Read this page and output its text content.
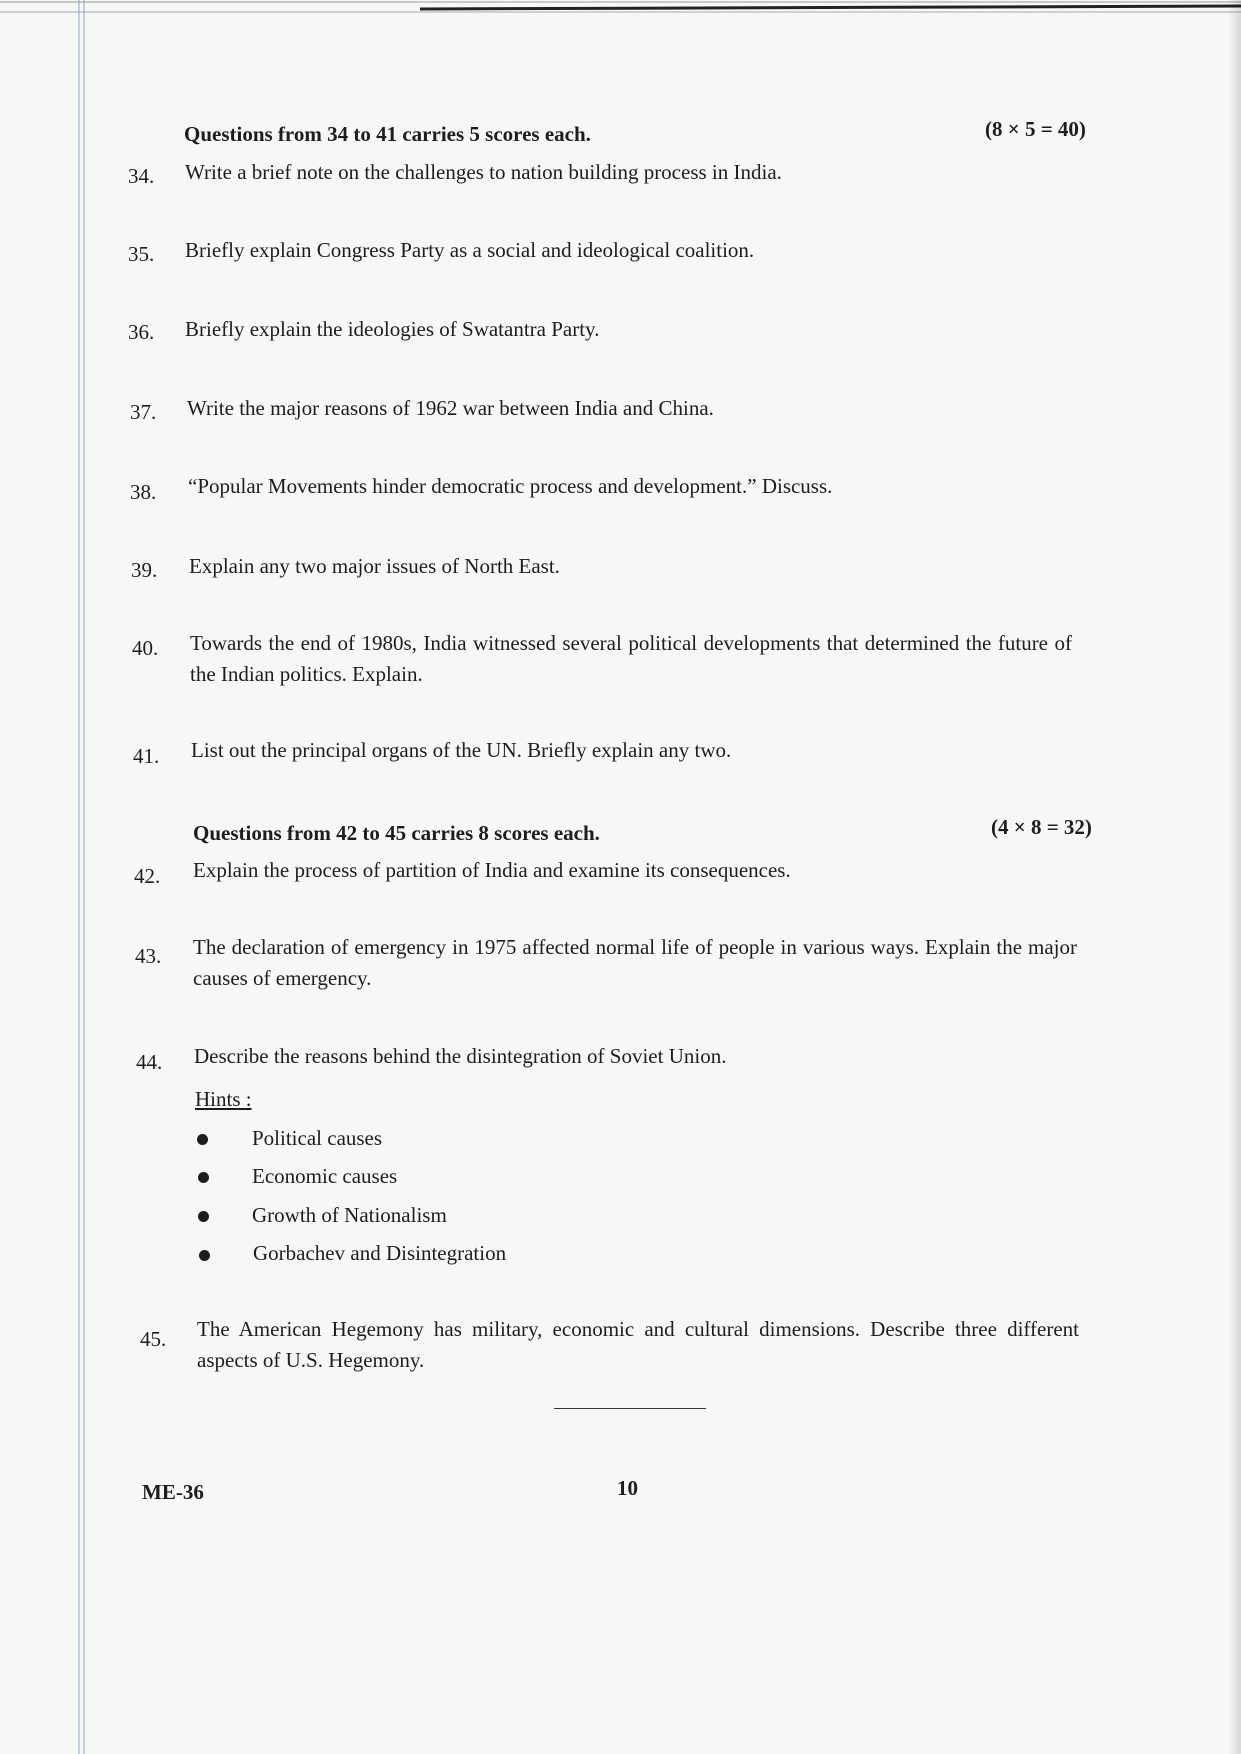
Questions from 34 to 41 carries 5 scores each.	(8 × 5 = 40)
34.	Write a brief note on the challenges to nation building process in India.
35.	Briefly explain Congress Party as a social and ideological coalition.
36.	Briefly explain the ideologies of Swatantra Party.
37.	Write the major reasons of 1962 war between India and China.
38.	“Popular Movements hinder democratic process and development.” Discuss.
39.	Explain any two major issues of North East.
40.	Towards the end of 1980s, India witnessed several political developments that determined the future of the Indian politics. Explain.
41.	List out the principal organs of the UN. Briefly explain any two.
Questions from 42 to 45 carries 8 scores each.	(4 × 8 = 32)
42.	Explain the process of partition of India and examine its consequences.
43.	The declaration of emergency in 1975 affected normal life of people in various ways. Explain the major causes of emergency.
44.	Describe the reasons behind the disintegration of Soviet Union.
Hints :
Political causes
Economic causes
Growth of Nationalism
Gorbachev and Disintegration
45.	The American Hegemony has military, economic and cultural dimensions. Describe three different aspects of U.S. Hegemony.
ME-36	10
